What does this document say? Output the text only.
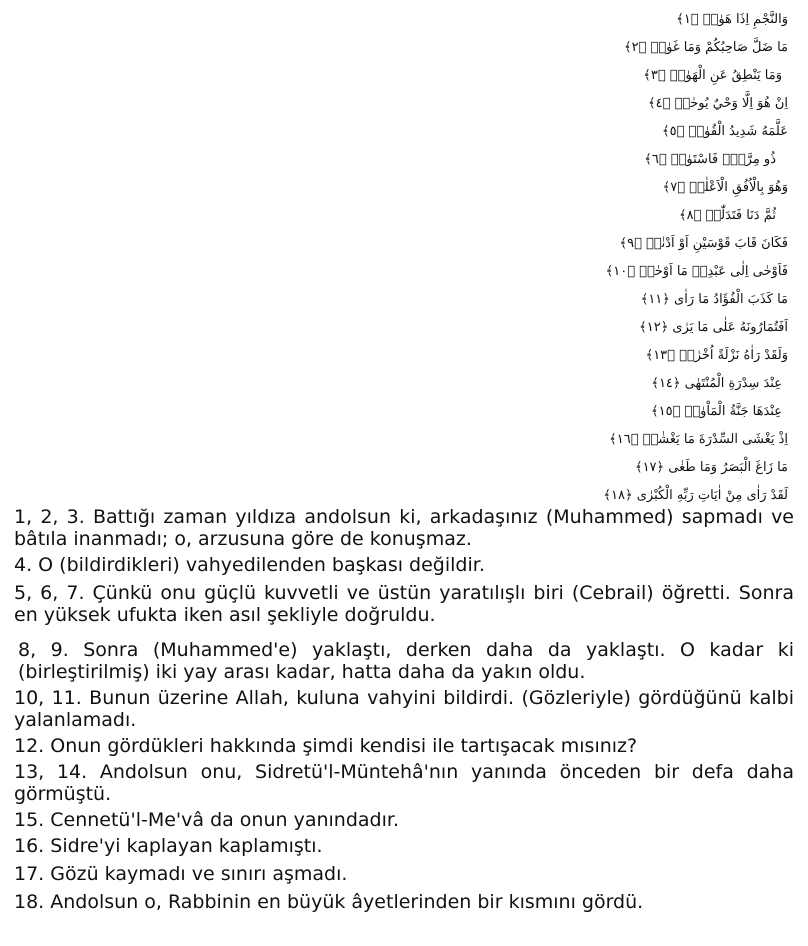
وَالنَّجْمِ اِذَا هَوٰىۙ ﴿١﴾
مَا ضَلَّ صَاحِبُكُمْ وَمَا غَوٰىۚ ﴿٢﴾
وَمَا يَنْطِقُ عَنِ الْهَوٰىۜ ﴿٣﴾
اِنْ هُوَ اِلَّا وَحْيٌ يُوحٰىۙ ﴿٤﴾
عَلَّمَهُ شَدِيدُ الْقُوٰىۙ ﴿٥﴾
ذُو مِرَّةٍۜ فَاسْتَوٰىۙ ﴿٦﴾
وَهُوَ بِالْاُفُقِ الْاَعْلٰىۜ ﴿٧﴾
ثُمَّ دَنَا فَتَدَلّٰىۙ ﴿٨﴾
فَكَانَ قَابَ قَوْسَيْنِ اَوْ اَدْنٰىۚ ﴿٩﴾
فَاَوْحٰى اِلٰى عَبْدِه۪ مَا اَوْحٰىۜ ﴿١٠﴾
مَا كَذَبَ الْفُؤَادُ مَا رَاٰى ﴿١١﴾
اَفَتُمَارُونَهُ عَلٰى مَا يَرٰى ﴿١٢﴾
وَلَقَدْ رَاٰهُ نَزْلَةً اُخْرٰىۙ ﴿١٣﴾
عِنْدَ سِدْرَةِ الْمُنْتَهٰى ﴿١٤﴾
عِنْدَهَا جَنَّةُ الْمَاْوٰىۜ ﴿١٥﴾
اِذْ يَغْشَى السِّدْرَةَ مَا يَغْشٰىۙ ﴿١٦﴾
مَا زَاغَ الْبَصَرُ وَمَا طَغٰى ﴿١٧﴾
لَقَدْ رَاٰى مِنْ اٰيَاتِ رَبِّهِ الْكُبْرٰى ﴿١٨﴾

1, 2, 3. Battığı zaman yıldıza andolsun ki, arkadaşınız (Muhammed) sapmadı ve bâtıla inanmadı; o, arzusuna göre de konuşmaz.

4. O (bildirdikleri) vahyedilenden başkası değildir.

5, 6, 7. Çünkü onu güçlü kuvvetli ve üstün yaratılışlı biri (Cebrail) öğretti. Sonra en yüksek ufukta iken asıl şekliyle doğruldu.

8, 9. Sonra (Muhammed'e) yaklaştı, derken daha da yaklaştı. O kadar ki (birleştirilmiş) iki yay arası kadar, hatta daha da yakın oldu.

10, 11. Bunun üzerine Allah, kuluna vahyini bildirdi. (Gözleriyle) gördüğünü kalbi yalanlamadı.

12. Onun gördükleri hakkında şimdi kendisi ile tartışacak mısınız?

13, 14. Andolsun onu, Sidretü'l-Müntehâ'nın yanında önceden bir defa daha görmüştü.

15. Cennetü'l-Me'vâ da onun yanındadır.

16. Sidre'yi kaplayan kaplamıştı.

17. Gözü kaymadı ve sınırı aşmadı.

18. Andolsun o, Rabbinin en büyük âyetlerinden bir kısmını gördü.
